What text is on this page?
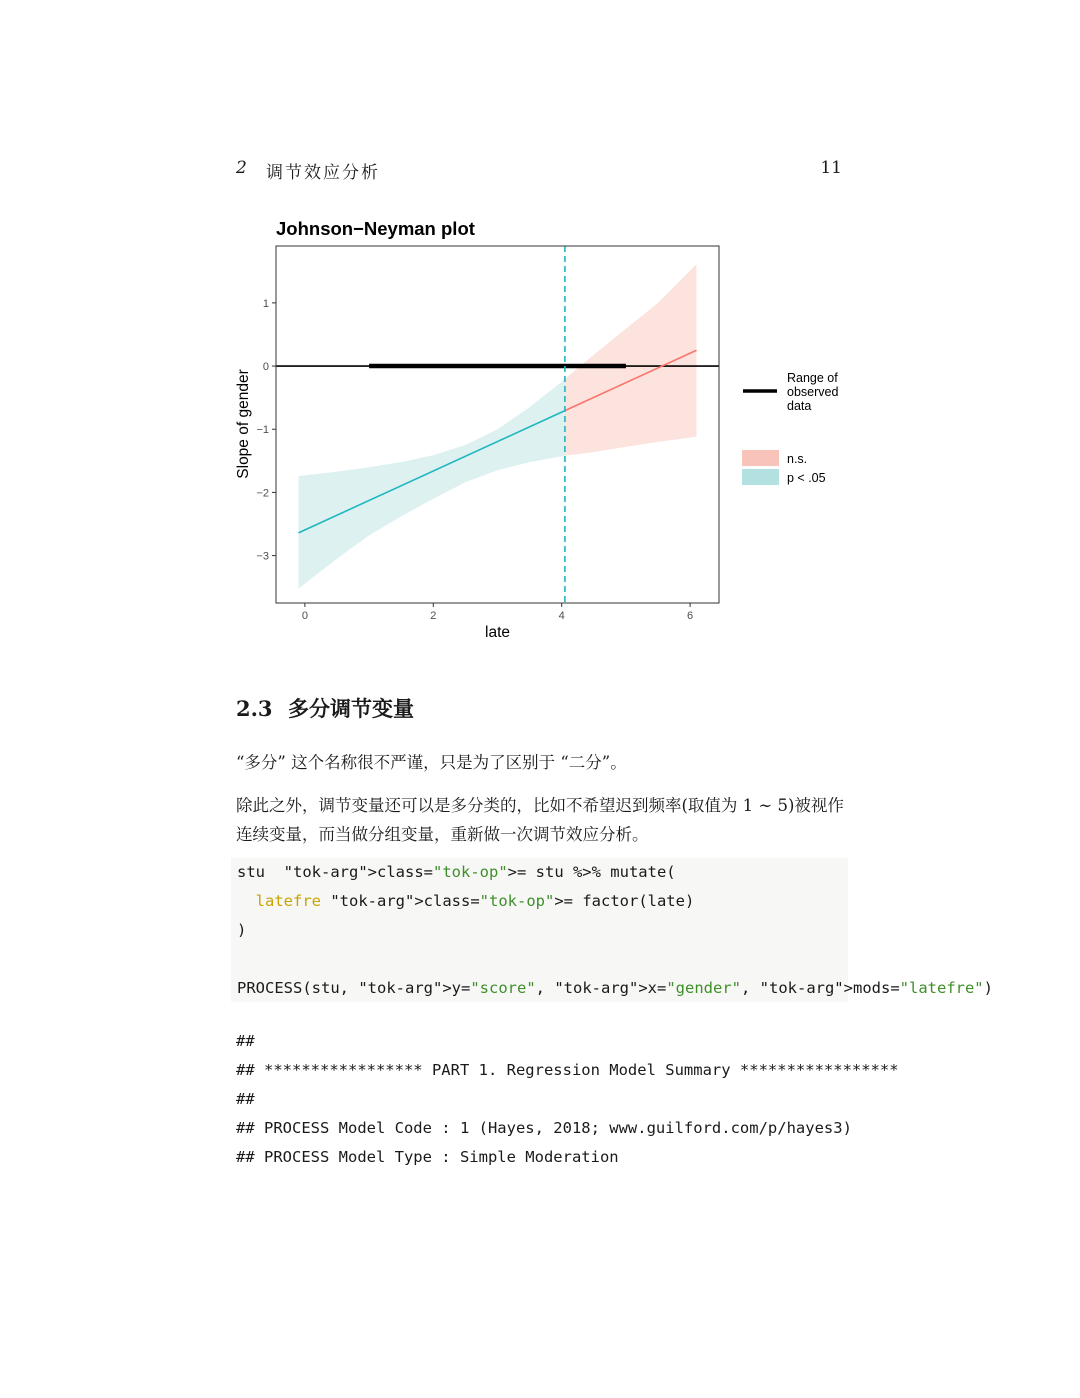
2 调节效应分析	11
Johnson−Neyman plot
0	2	4	6
1
0
−1
−2
−3
late
Slope of gender	Range of observed data
n.s.
p < .05
2.3 多分调节变量

“多分” 这个名称很不严谨，只是为了区别于 “二分”。

除此之外，调节变量还可以是多分类的，比如不希望迟到频率(取值为 1 ∼ 5)被视作连续变量，而当做分组变量，重新做一次调节效应分析。

stu  "tok-arg">class="tok-op">= stu %>% mutate(
latefre "tok-arg">class="tok-op">= factor(late)
)
PROCESS(stu, "tok-arg">y="score", "tok-arg">x="gender", "tok-arg">mods="latefre")
##
## ***************** PART 1. Regression Model Summary *****************
##
## PROCESS Model Code : 1 (Hayes, 2018; www.guilford.com/p/hayes3)
## PROCESS Model Type : Simple Moderation
